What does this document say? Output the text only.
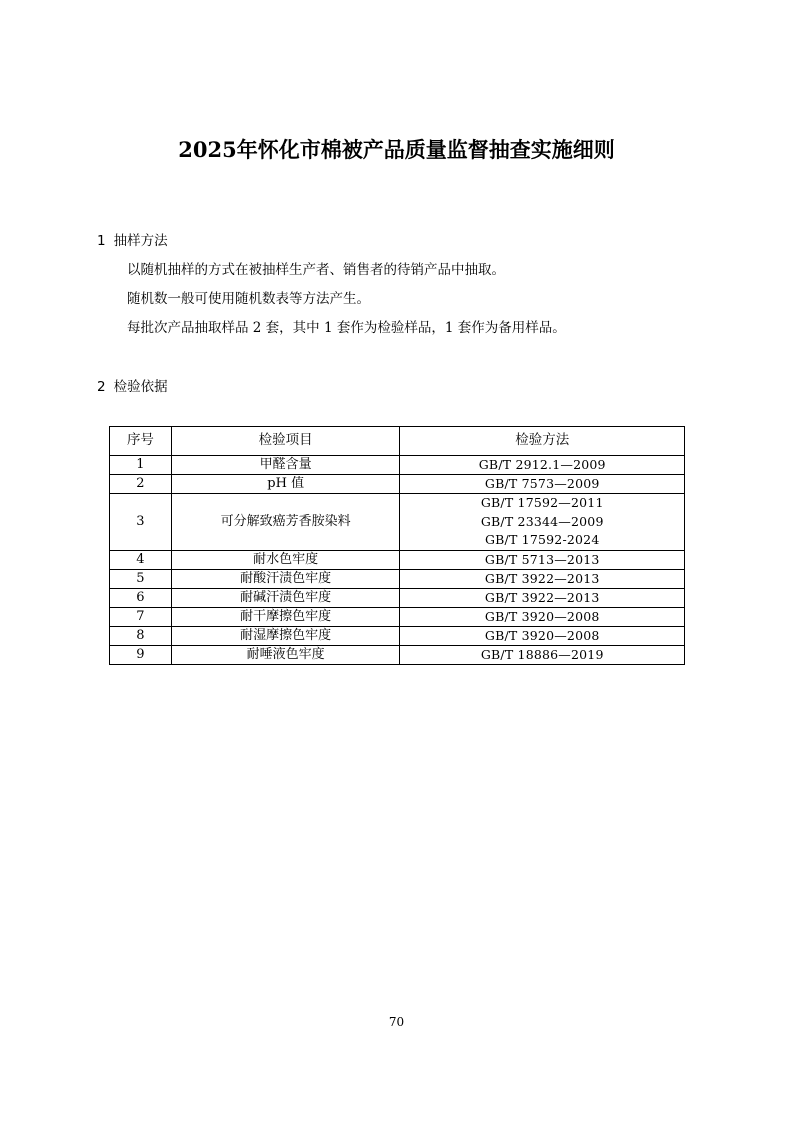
2025年怀化市棉被产品质量监督抽查实施细则
1 抽样方法

以随机抽样的方式在被抽样生产者、销售者的待销产品中抽取。

随机数一般可使用随机数表等方法产生。

每批次产品抽取样品 2 套，其中 1 套作为检验样品，1 套作为备用样品。

2 检验依据
序号	检验项目	检验方法
1	甲醛含量	GB/T 2912.1—2009
2	pH 值	GB/T 7573—2009
3	可分解致癌芳香胺染料	GB/T 17592—2011
GB/T 23344—2009
GB/T 17592-2024

4	耐水色牢度	GB/T 5713—2013
5	耐酸汗渍色牢度	GB/T 3922—2013
6	耐碱汗渍色牢度	GB/T 3922—2013
7	耐干摩擦色牢度	GB/T 3920—2008
8	耐湿摩擦色牢度	GB/T 3920—2008
9	耐唾液色牢度	GB/T 18886—2019
70
